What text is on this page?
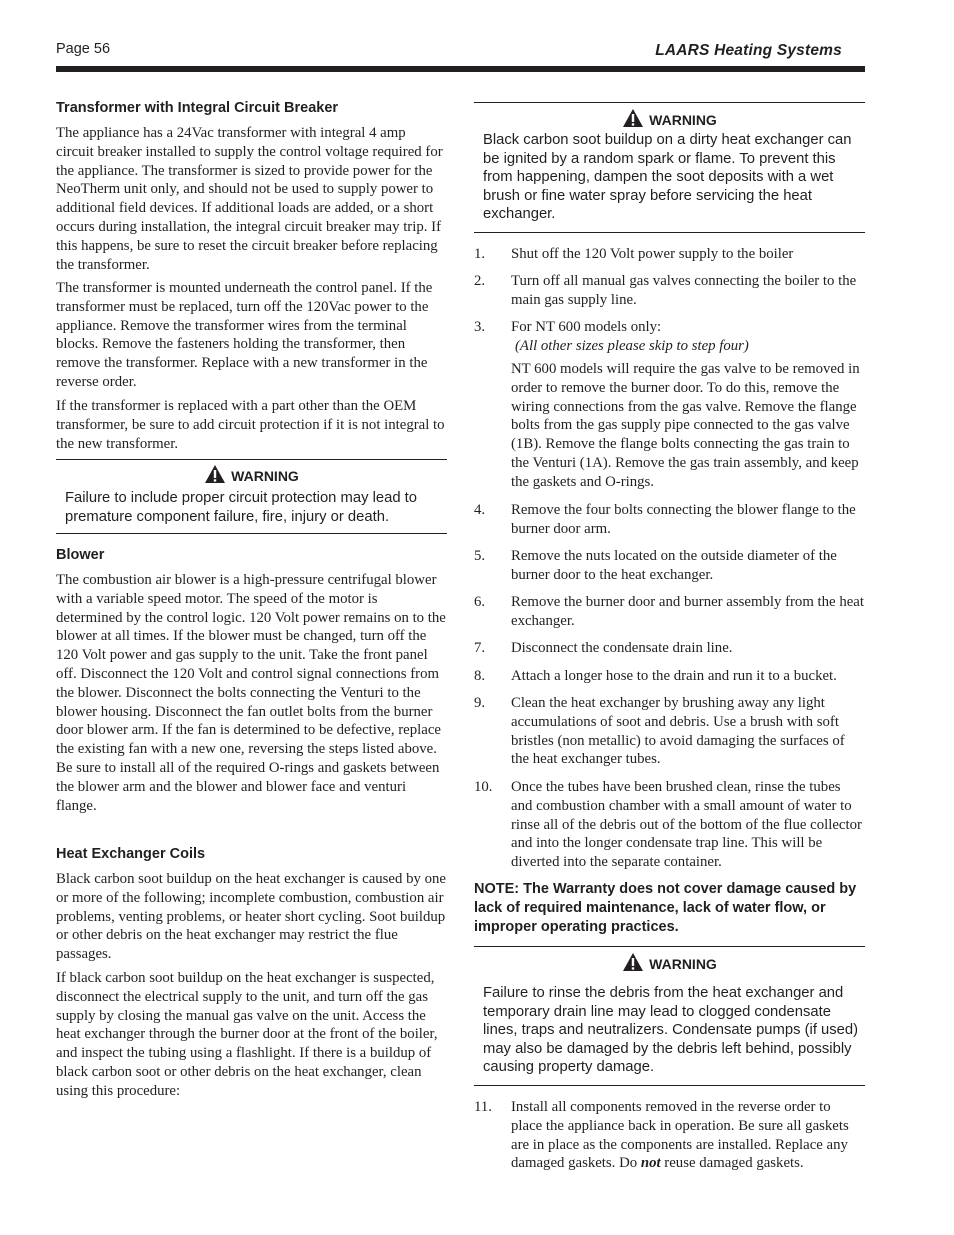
Page 56	LAARS Heating Systems
Transformer with Integral Circuit Breaker
The appliance has a 24Vac transformer with integral 4 amp circuit breaker installed to supply the control voltage required for the appliance. The transformer is sized to provide power for the NeoTherm unit only, and should not be used to supply power to additional field devices. If additional loads are added, or a short occurs during installation, the integral circuit breaker may trip. If this happens, be sure to reset the circuit breaker before replacing the transformer.
The transformer is mounted underneath the control panel. If the transformer must be replaced, turn off the 120Vac power to the appliance. Remove the transformer wires from the terminal blocks. Remove the fasteners holding the transformer, then remove the transformer. Replace with a new transformer in the reverse order.
If the transformer is replaced with a part other than the OEM transformer, be sure to add circuit protection if it is not integral to the new transformer.
WARNING
Failure to include proper circuit protection may lead to premature component failure, fire, injury or death.
Blower
The combustion air blower is a high-pressure centrifugal blower with a variable speed motor. The speed of the motor is determined by the control logic. 120 Volt power remains on to the blower at all times. If the blower must be changed, turn off the 120 Volt power and gas supply to the unit. Take the front panel off. Disconnect the 120 Volt and control signal connections from the blower. Disconnect the bolts connecting the Venturi to the blower housing. Disconnect the fan outlet bolts from the burner door blower arm. If the fan is determined to be defective, replace the existing fan with a new one, reversing the steps listed above. Be sure to install all of the required O-rings and gaskets between the blower arm and the blower and blower face and venturi flange.
Heat Exchanger Coils
Black carbon soot buildup on the heat exchanger is caused by one or more of the following; incomplete combustion, combustion air problems, venting problems, or heater short cycling. Soot buildup or other debris on the heat exchanger may restrict the flue passages.
If black carbon soot buildup on the heat exchanger is suspected, disconnect the electrical supply to the unit, and turn off the gas supply by closing the manual gas valve on the unit. Access the heat exchanger through the burner door at the front of the boiler, and inspect the tubing using a flashlight. If there is a buildup of black carbon soot or other debris on the heat exchanger, clean using this procedure:
WARNING
Black carbon soot buildup on a dirty heat exchanger can be ignited by a random spark or flame. To prevent this from happening, dampen the soot deposits with a wet brush or fine water spray before servicing the heat exchanger.
1. Shut off the 120 Volt power supply to the boiler
2. Turn off all manual gas valves connecting the boiler to the main gas supply line.
3. For NT 600 models only:
(All other sizes please skip to step four)
NT 600 models will require the gas valve to be removed in order to remove the burner door. To do this, remove the wiring connections from the gas valve. Remove the flange bolts from the gas supply pipe connected to the gas valve (1B). Remove the flange bolts connecting the gas train to the Venturi (1A). Remove the gas train assembly, and keep the gaskets and O-rings.
4. Remove the four bolts connecting the blower flange to the burner door arm.
5. Remove the nuts located on the outside diameter of the burner door to the heat exchanger.
6. Remove the burner door and burner assembly from the heat exchanger.
7. Disconnect the condensate drain line.
8. Attach a longer hose to the drain and run it to a bucket.
9. Clean the heat exchanger by brushing away any light accumulations of soot and debris. Use a brush with soft bristles (non metallic) to avoid damaging the surfaces of the heat exchanger tubes.
10. Once the tubes have been brushed clean, rinse the tubes and combustion chamber with a small amount of water to rinse all of the debris out of the bottom of the flue collector and into the longer condensate trap line. This will be diverted into the separate container.
NOTE: The Warranty does not cover damage caused by lack of required maintenance, lack of water flow, or improper operating practices.
WARNING
Failure to rinse the debris from the heat exchanger and temporary drain line may lead to clogged condensate lines, traps and neutralizers. Condensate pumps (if used) may also be damaged by the debris left behind, possibly causing property damage.
11. Install all components removed in the reverse order to place the appliance back in operation. Be sure all gaskets are in place as the components are installed. Replace any damaged gaskets. Do not reuse damaged gaskets.
